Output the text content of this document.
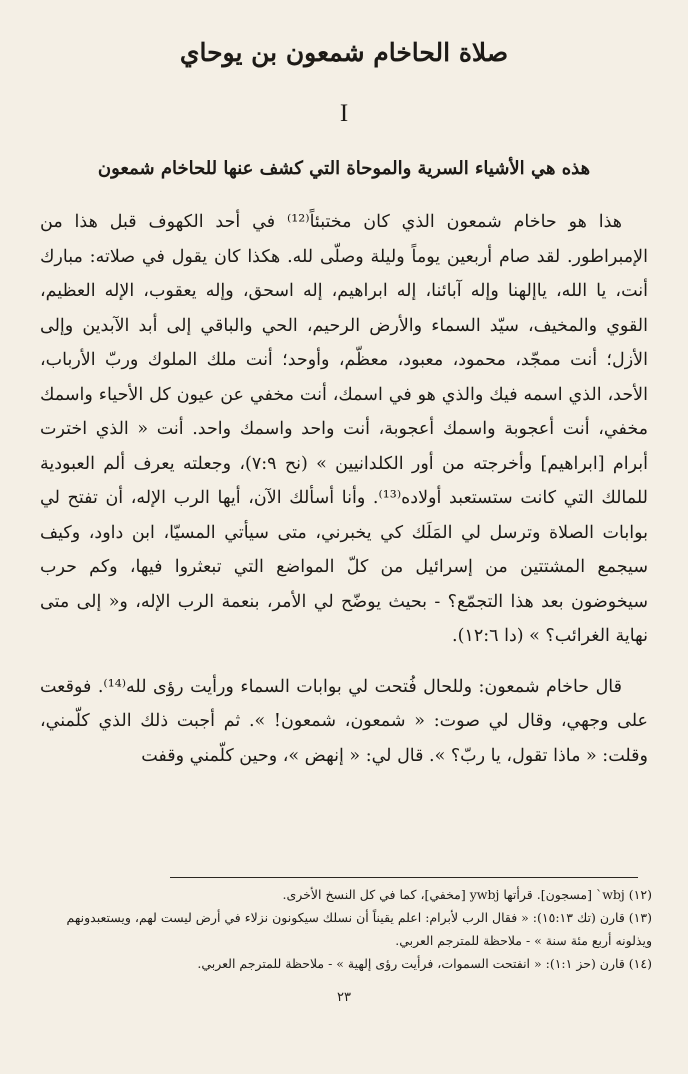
صلاة الحاخام شمعون بن يوحاي
I
هذه هي الأشياء السرية والموحاة التي كشف عنها للحاخام شمعون

هذا هو حاخام شمعون الذي كان مختبئاً⁽¹²⁾ في أحد الكهوف قبل هذا من الإمبراطور. لقد صام أربعين يوماً وليلة وصلّى لله. هكذا كان يقول في صلاته: مبارك أنت، يا الله، ياإلهنا وإله آبائنا، إله ابراهيم، إله اسحق، وإله يعقوب، الإله العظيم، القوي والمخيف، سيّد السماء والأرض الرحيم، الحي والباقي إلى أبد الآبدين وإلى الأزل؛ أنت ممجّد، محمود، معبود، معظّم، وأوحد؛ أنت ملك الملوك وربّ الأرباب، الأحد، الذي اسمه فيك والذي هو في اسمك، أنت مخفي عن عيون كل الأحياء واسمك مخفي، أنت أعجوبة واسمك أعجوبة، أنت واحد واسمك واحد. أنت « الذي اخترت أبرام [ابراهيم] وأخرجته من أور الكلدانيين » (نح ٧:٩)، وجعلته يعرف ألم العبودية للمالك التي كانت ستستعبد أولاده⁽¹³⁾. وأنا أسألك الآن، أيها الرب الإله، أن تفتح لي بوابات الصلاة وترسل لي المَلَك كي يخبرني، متى سيأتي المسيّا، ابن داود، وكيف سيجمع المشتتين من إسرائيل من كلّ المواضع التي تبعثروا فيها، وكم حرب سيخوضون بعد هذا التجمّع؟ - بحيث يوضّح لي الأمر، بنعمة الرب الإله، و« إلى متى نهاية الغرائب؟ » (دا ١٢:٦).

قال حاخام شمعون: وللحال فُتحت لي بوابات السماء ورأيت رؤى لله⁽¹⁴⁾. فوقعت على وجهي، وقال لي صوت: « شمعون، شمعون! ». ثم أجبت ذلك الذي كلّمني، وقلت: « ماذا تقول، يا ربّ؟ ». قال لي: « إنهض »، وحين كلّمني وقفت

(١٢) wbj` [مسجون]. قرأتها ywbj [مخفي]، كما في كل النسخ الأخرى.

(١٣) قارن (تك ١٥:١٣): « فقال الرب لأبرام: اعلم يقيناً أن نسلك سيكونون نزلاء في أرض ليست لهم، ويستعبدونهم ويذلونه أربع مئة سنة » - ملاحظة للمترجم العربي.

(١٤) قارن (حز ١:١): « انفتحت السموات، فرأيت رؤى إلهية » - ملاحظة للمترجم العربي.

٢٣
